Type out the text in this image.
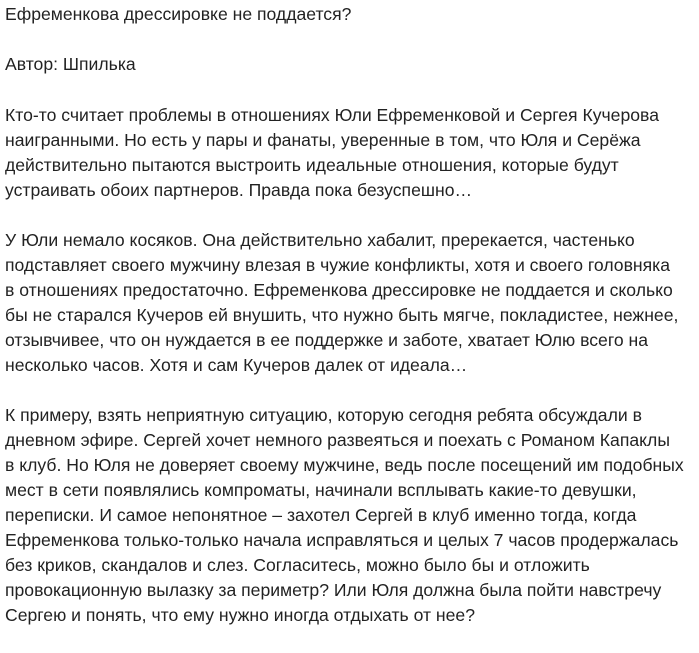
Ефременкова дрессировке не поддается?

Автор: Шпилька

Кто-то считает проблемы в отношениях Юли Ефременковой и Сергея Кучерова
наигранными. Но есть у пары и фанаты, уверенные в том, что Юля и Серёжа
действительно пытаются выстроить идеальные отношения, которые будут
устраивать обоих партнеров. Правда пока безуспешно…
У Юли немало косяков. Она действительно хабалит, пререкается, частенько
подставляет своего мужчину влезая в чужие конфликты, хотя и своего головняка
в отношениях предостаточно. Ефременкова дрессировке не поддается и сколько
бы не старался Кучеров ей внушить, что нужно быть мягче, покладистее, нежнее,
отзывчивее, что он нуждается в ее поддержке и заботе, хватает Юлю всего на
несколько часов. Хотя и сам Кучеров далек от идеала…
К примеру, взять неприятную ситуацию, которую сегодня ребята обсуждали в
дневном эфире. Сергей хочет немного развеяться и поехать с Романом Капаклы
в клуб. Но Юля не доверяет своему мужчине, ведь после посещений им подобных
мест в сети появлялись компроматы, начинали всплывать какие-то девушки,
переписки. И самое непонятное – захотел Сергей в клуб именно тогда, когда
Ефременкова только-только начала исправляться и целых 7 часов продержалась
без криков, скандалов и слез. Согласитесь, можно было бы и отложить
провокационную вылазку за периметр? Или Юля должна была пойти навстречу
Сергею и понять, что ему нужно иногда отдыхать от нее?
